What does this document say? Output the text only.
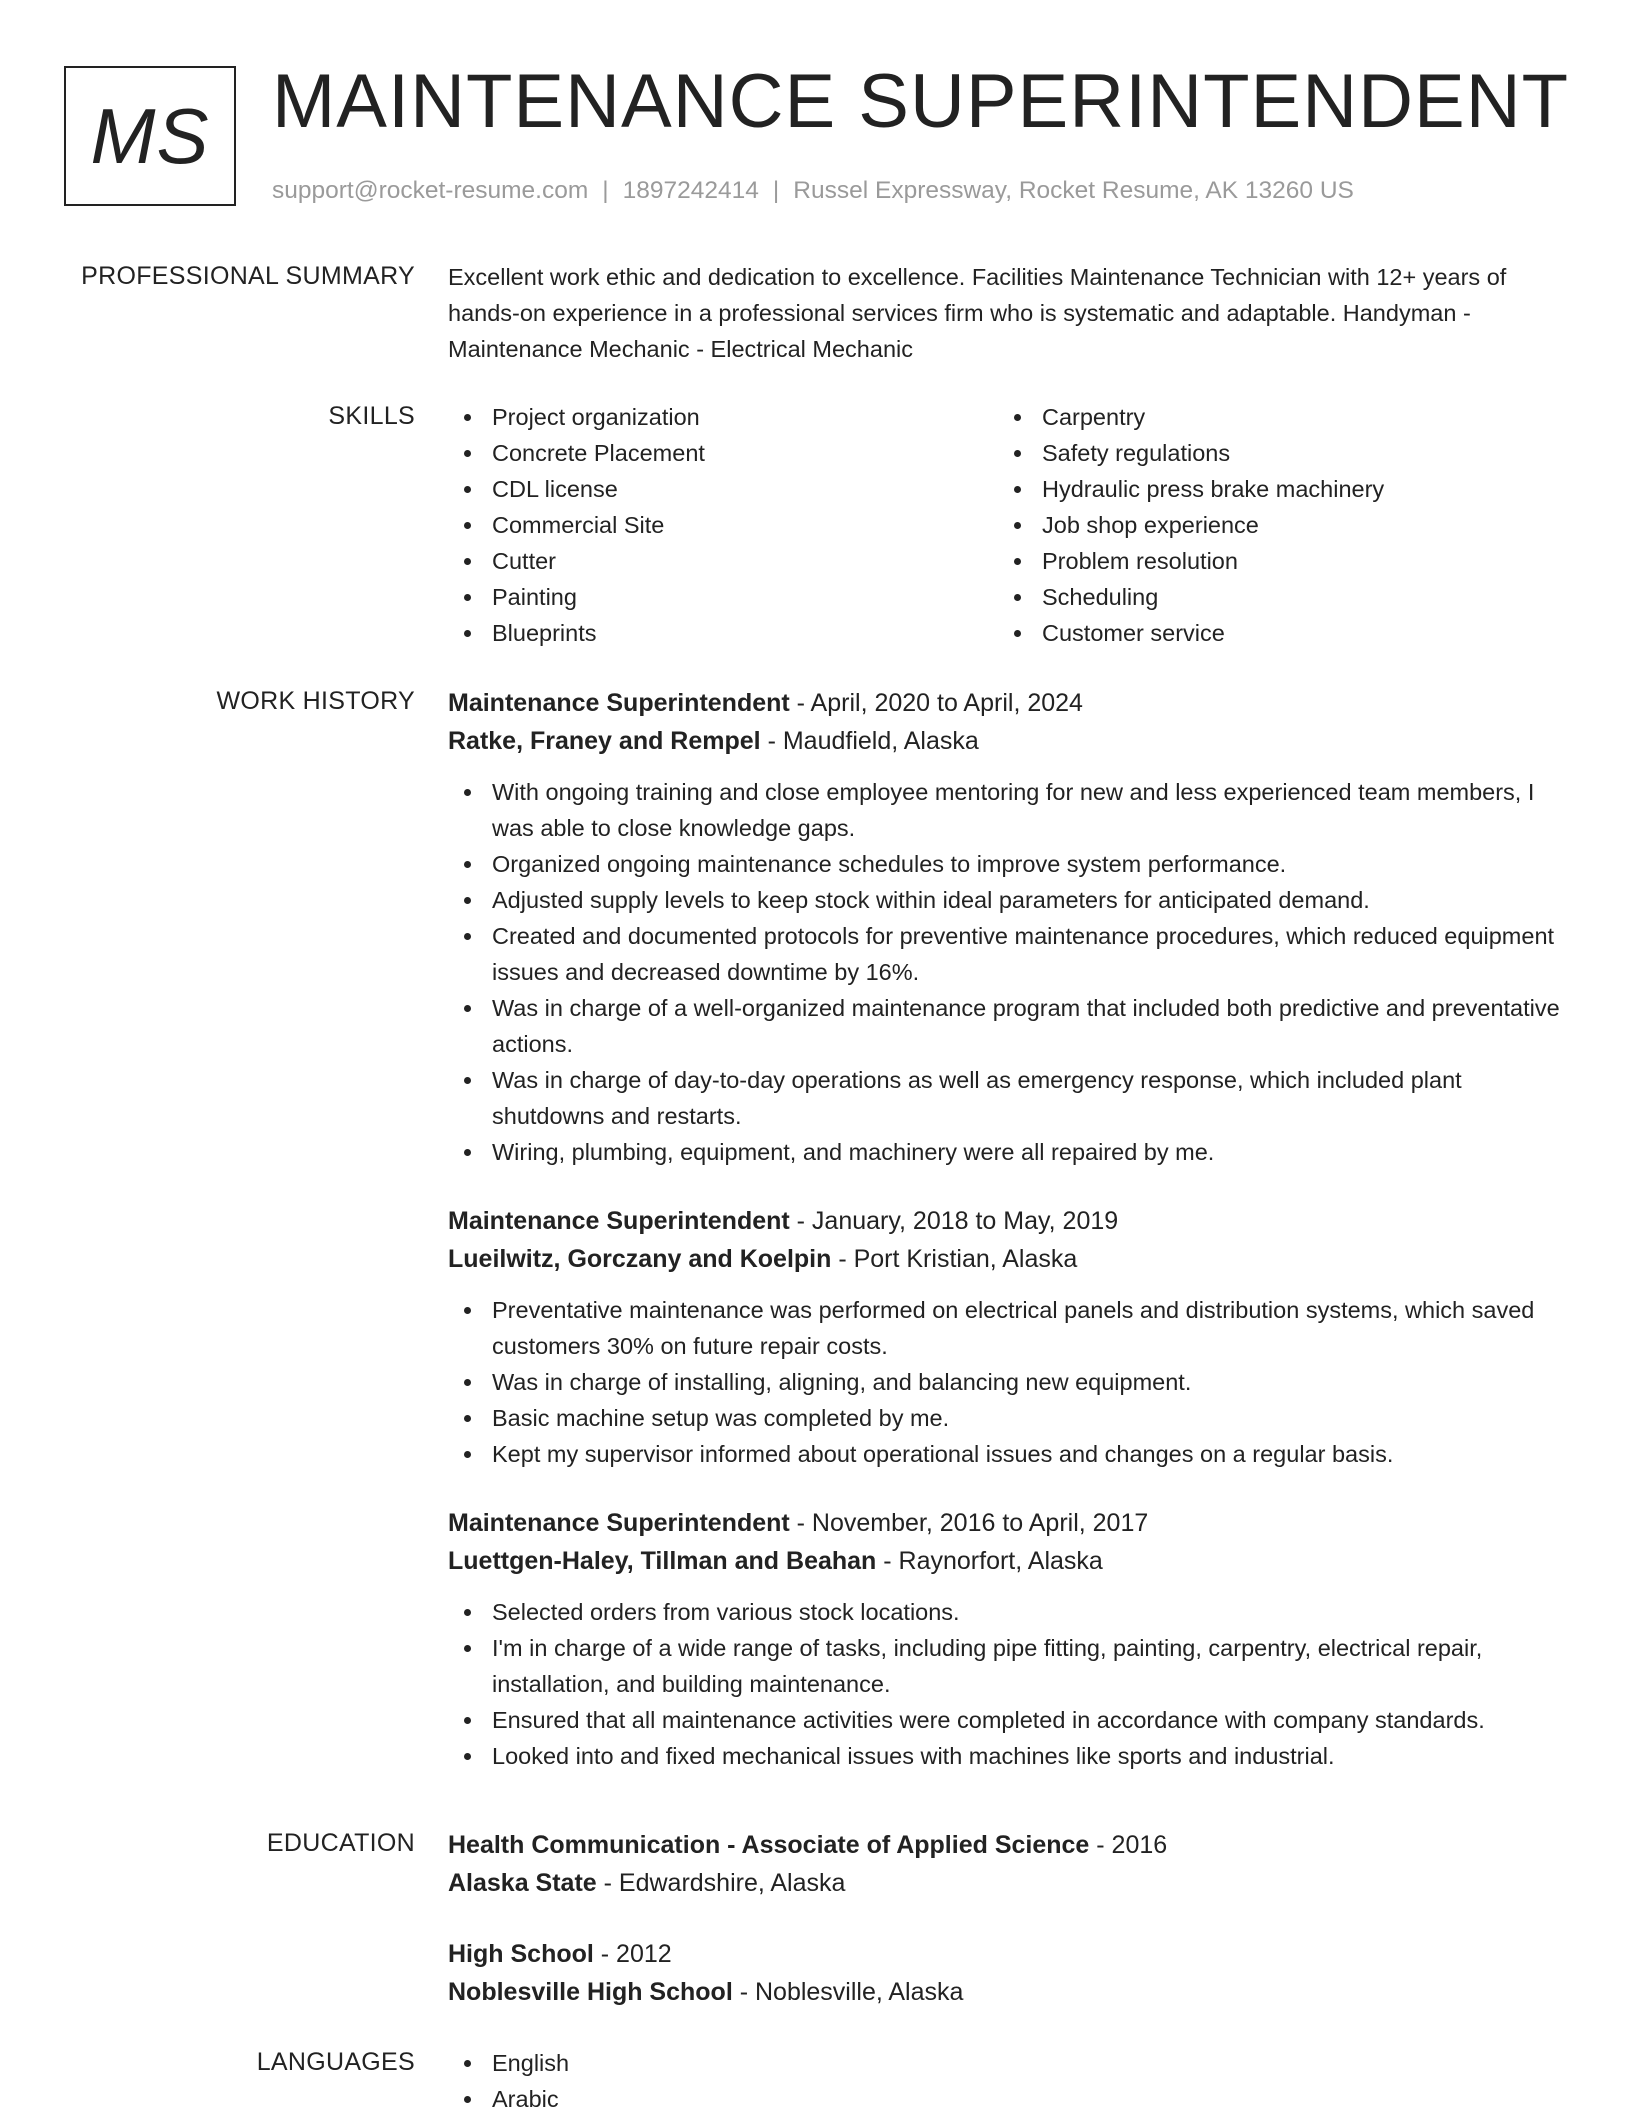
MS MAINTENANCE SUPERINTENDENT
support@rocket-resume.com | 1897242414 | Russel Expressway, Rocket Resume, AK 13260 US
PROFESSIONAL SUMMARY Excellent work ethic and dedication to excellence. Facilities Maintenance Technician with 12+ years of hands-on experience in a professional services firm who is systematic and adaptable. Handyman - Maintenance Mechanic - Electrical Mechanic

SKILLS	Project organization
Concrete Placement
CDL license
Commercial Site
Cutter
Painting
Blueprints
Carpentry
Safety regulations
Hydraulic press brake machinery
Job shop experience
Problem resolution
Scheduling
Customer service
WORK HISTORY Maintenance Superintendent - April, 2020 to April, 2024
Ratke, Franey and Rempel - Maudfield, Alaska
With ongoing training and close employee mentoring for new and less experienced team members, I was able to close knowledge gaps.
Organized ongoing maintenance schedules to improve system performance.
Adjusted supply levels to keep stock within ideal parameters for anticipated demand.
Created and documented protocols for preventive maintenance procedures, which reduced equipment issues and decreased downtime by 16%.
Was in charge of a well-organized maintenance program that included both predictive and preventative actions.
Was in charge of day-to-day operations as well as emergency response, which included plant shutdowns and restarts.
Wiring, plumbing, equipment, and machinery were all repaired by me.
Maintenance Superintendent - January, 2018 to May, 2019
Lueilwitz, Gorczany and Koelpin - Port Kristian, Alaska
Preventative maintenance was performed on electrical panels and distribution systems, which saved customers 30% on future repair costs.
Was in charge of installing, aligning, and balancing new equipment.
Basic machine setup was completed by me.
Kept my supervisor informed about operational issues and changes on a regular basis.
Maintenance Superintendent - November, 2016 to April, 2017
Luettgen-Haley, Tillman and Beahan - Raynorfort, Alaska
Selected orders from various stock locations.
I'm in charge of a wide range of tasks, including pipe fitting, painting, carpentry, electrical repair, installation, and building maintenance.
Ensured that all maintenance activities were completed in accordance with company standards.
Looked into and fixed mechanical issues with machines like sports and industrial.
EDUCATION Health Communication - Associate of Applied Science - 2016
Alaska State - Edwardshire, Alaska
High School - 2012
Noblesville High School - Noblesville, Alaska
LANGUAGES	English
Arabic
